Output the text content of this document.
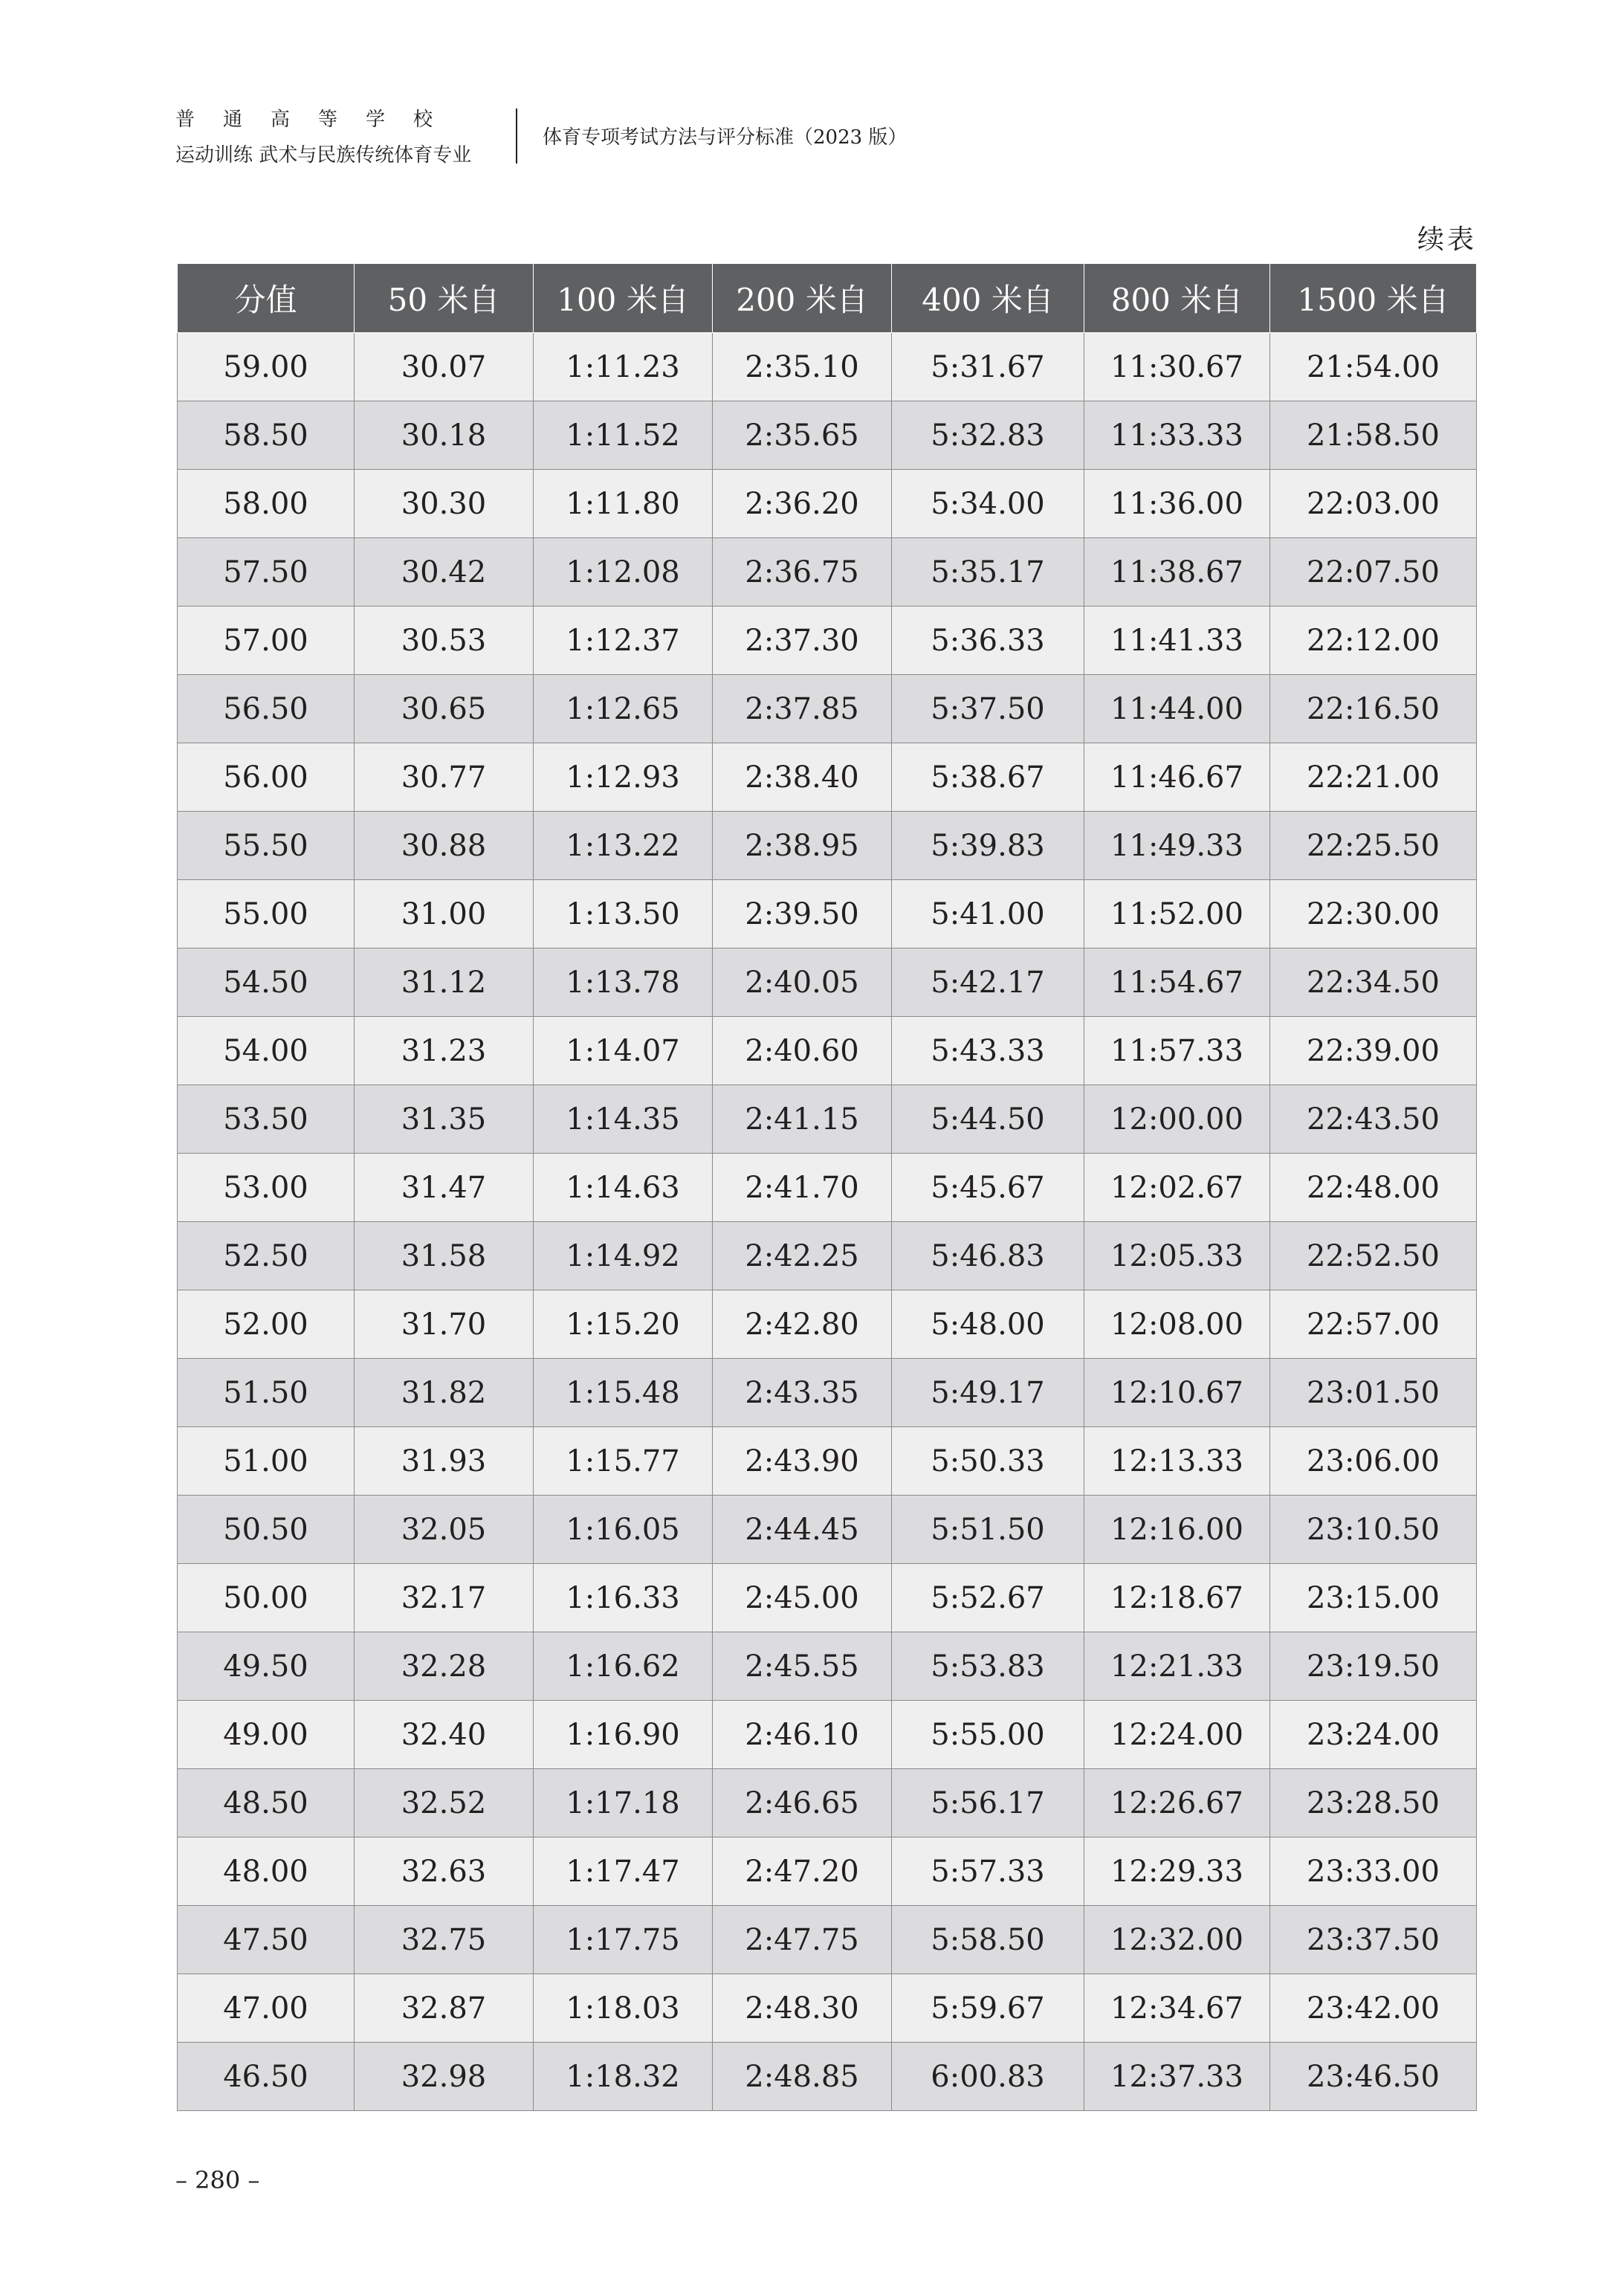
普通高等学校
运动训练 武术与民族传统体育专业
体育专项考试方法与评分标准（2023 版）
续表
分值	50 米自	100 米自	200 米自	400 米自	800 米自	1500 米自
59.00	30.07	1:11.23	2:35.10	5:31.67	11:30.67	21:54.00
58.50	30.18	1:11.52	2:35.65	5:32.83	11:33.33	21:58.50
58.00	30.30	1:11.80	2:36.20	5:34.00	11:36.00	22:03.00
57.50	30.42	1:12.08	2:36.75	5:35.17	11:38.67	22:07.50
57.00	30.53	1:12.37	2:37.30	5:36.33	11:41.33	22:12.00
56.50	30.65	1:12.65	2:37.85	5:37.50	11:44.00	22:16.50
56.00	30.77	1:12.93	2:38.40	5:38.67	11:46.67	22:21.00
55.50	30.88	1:13.22	2:38.95	5:39.83	11:49.33	22:25.50
55.00	31.00	1:13.50	2:39.50	5:41.00	11:52.00	22:30.00
54.50	31.12	1:13.78	2:40.05	5:42.17	11:54.67	22:34.50
54.00	31.23	1:14.07	2:40.60	5:43.33	11:57.33	22:39.00
53.50	31.35	1:14.35	2:41.15	5:44.50	12:00.00	22:43.50
53.00	31.47	1:14.63	2:41.70	5:45.67	12:02.67	22:48.00
52.50	31.58	1:14.92	2:42.25	5:46.83	12:05.33	22:52.50
52.00	31.70	1:15.20	2:42.80	5:48.00	12:08.00	22:57.00
51.50	31.82	1:15.48	2:43.35	5:49.17	12:10.67	23:01.50
51.00	31.93	1:15.77	2:43.90	5:50.33	12:13.33	23:06.00
50.50	32.05	1:16.05	2:44.45	5:51.50	12:16.00	23:10.50
50.00	32.17	1:16.33	2:45.00	5:52.67	12:18.67	23:15.00
49.50	32.28	1:16.62	2:45.55	5:53.83	12:21.33	23:19.50
49.00	32.40	1:16.90	2:46.10	5:55.00	12:24.00	23:24.00
48.50	32.52	1:17.18	2:46.65	5:56.17	12:26.67	23:28.50
48.00	32.63	1:17.47	2:47.20	5:57.33	12:29.33	23:33.00
47.50	32.75	1:17.75	2:47.75	5:58.50	12:32.00	23:37.50
47.00	32.87	1:18.03	2:48.30	5:59.67	12:34.67	23:42.00
46.50	32.98	1:18.32	2:48.85	6:00.83	12:37.33	23:46.50
– 280 –
